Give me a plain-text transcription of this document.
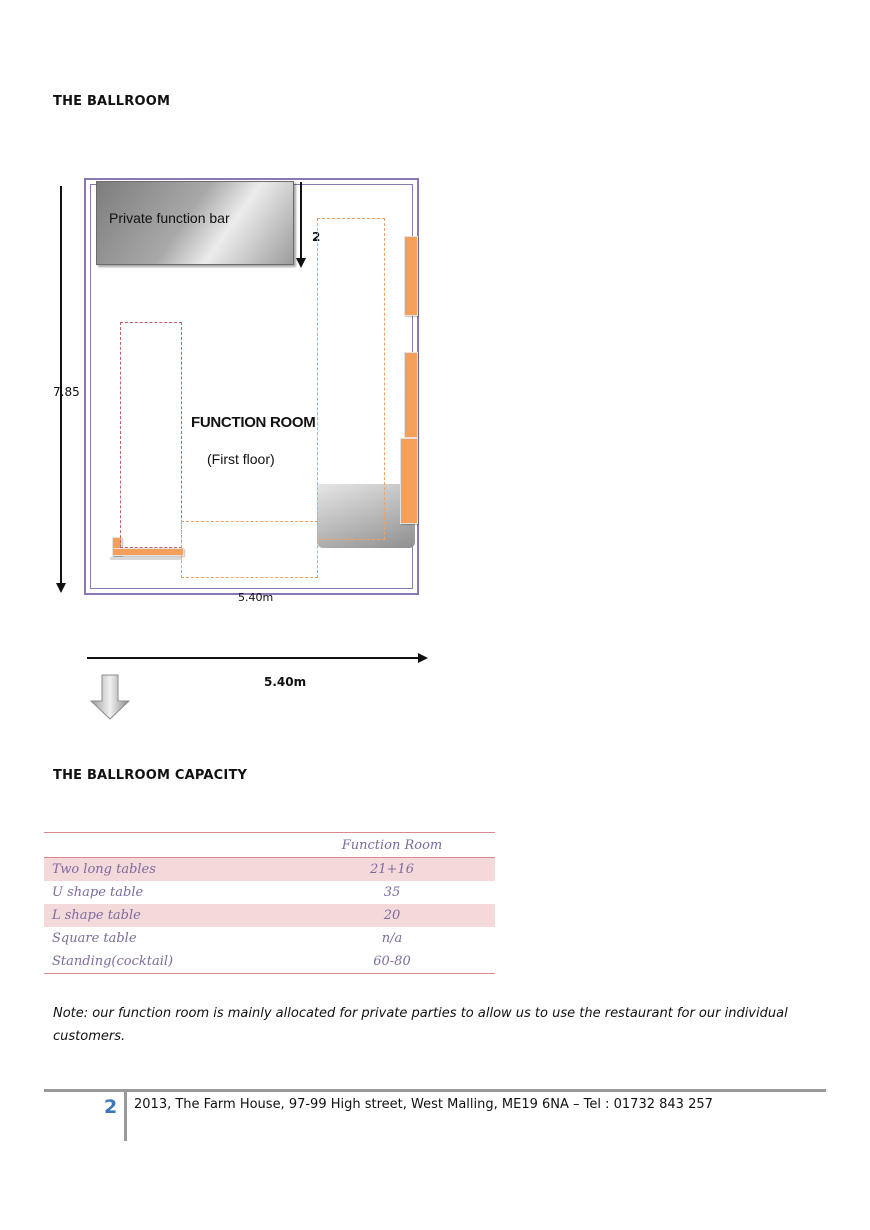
THE BALLROOM
7.85
Private function bar
2
FUNCTION ROOM
(First floor)
5.40m
5.40m
THE BALLROOM CAPACITY
	Function Room
Two long tables	21+16
U shape table	35
L shape table	20
Square table	n/a
Standing(cocktail)	60-80
Note: our function room is mainly allocated for private parties to allow us to use the restaurant for our individual customers.
2 2013, The Farm House, 97-99 High street, West Malling, ME19 6NA – Tel : 01732 843 257
